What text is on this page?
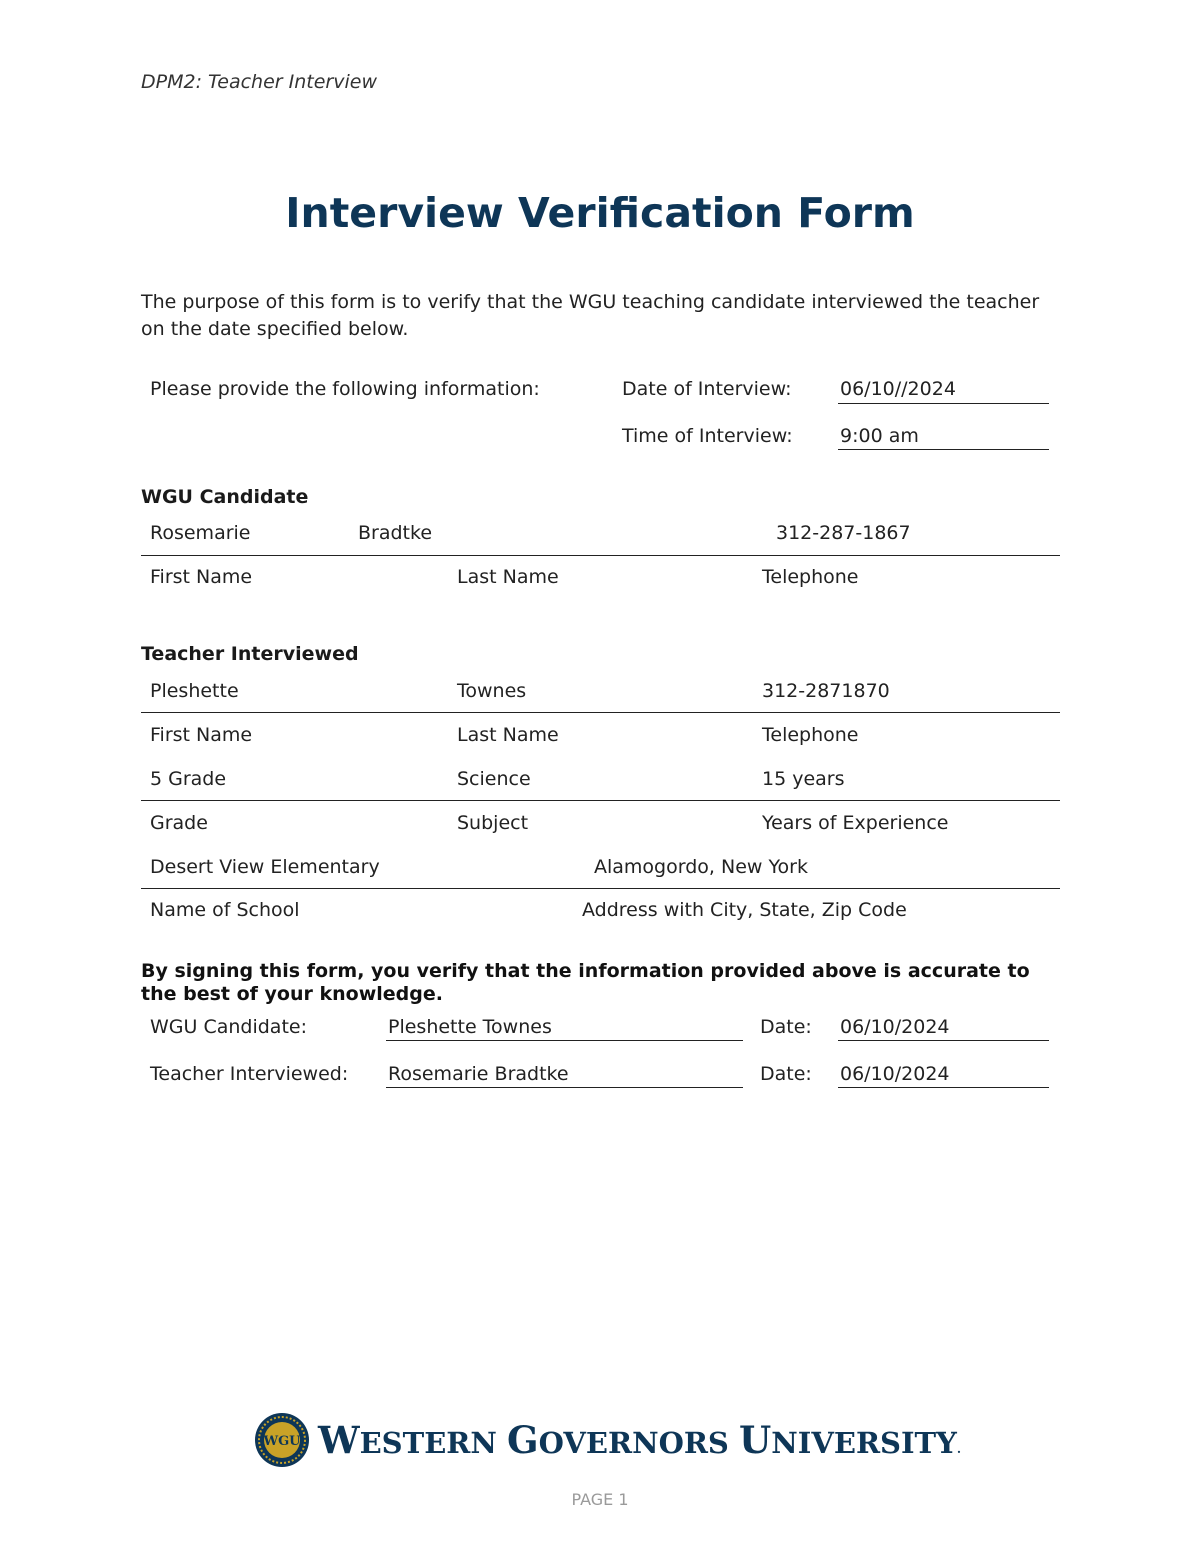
DPM2: Teacher Interview
Interview Verification Form
The purpose of this form is to verify that the WGU teaching candidate interviewed the teacher on the date specified below.
Please provide the following information:	Date of Interview:	06/10//2024
Time of Interview: 9:00 am
WGU Candidate
Rosemarie	Bradtke	312-287-1867
First Name	Last Name	Telephone
Teacher Interviewed
Pleshette	Townes	312-2871870
First Name	Last Name	Telephone
5 Grade	Science	15 years
Grade	Subject	Years of Experience
Desert View Elementary	Alamogordo, New York
Name of School	Address with City, State, Zip Code
By signing this form, you verify that the information provided above is accurate to the best of your knowledge.
WGU Candidate:	Pleshette Townes	Date: 06/10/2024
Teacher Interviewed: Rosemarie Bradtke	Date: 06/10/2024
WGU WESTERN GOVERNORS UNIVERSITY.
PAGE 1
